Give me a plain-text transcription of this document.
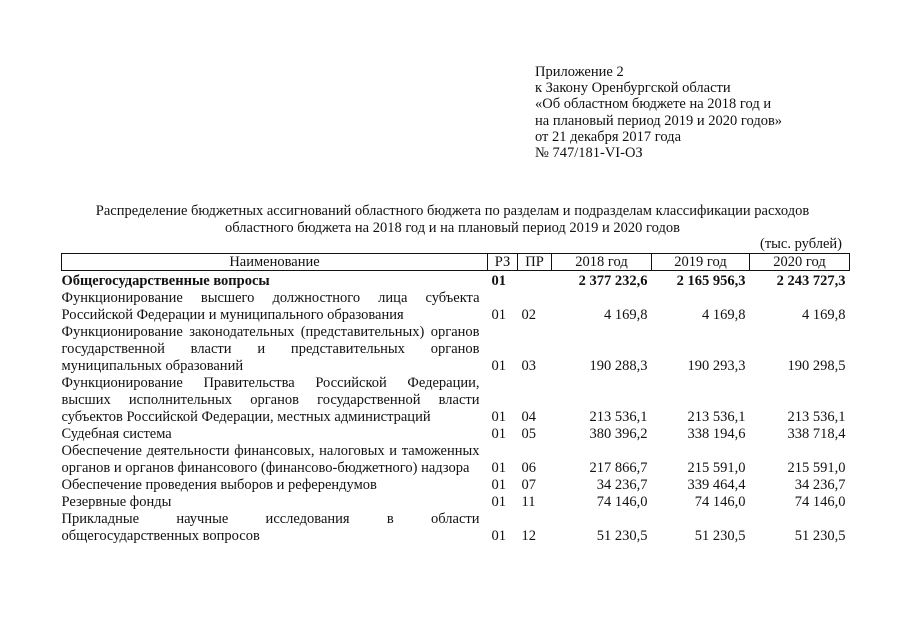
Приложение 2
к Закону Оренбургской области
«Об областном бюджете на 2018 год и
на плановый период 2019 и 2020 годов»
от 21 декабря 2017 года
№ 747/181-VI-ОЗ
Распределение бюджетных ассигнований областного бюджета по разделам и подразделам классификации расходов
областного бюджета на 2018 год и на плановый период 2019 и 2020 годов
(тыс. рублей)
Наименование	РЗ	ПР	2018 год	2019 год	2020 год
Общегосударственные вопросы	01		2 377 232,6	2 165 956,3	2 243 727,3
Функционирование высшего должностного лица субъекта Российской Федерации и муниципального образования	01	02	4 169,8	4 169,8	4 169,8
Функционирование законодательных (представительных) органов государственной власти и представительных органов муниципальных образований	01	03	190 288,3	190 293,3	190 298,5
Функционирование Правительства Российской Федерации, высших исполнительных органов государственной власти субъектов Российской Федерации, местных администраций	01	04	213 536,1	213 536,1	213 536,1
Судебная система	01	05	380 396,2	338 194,6	338 718,4
Обеспечение деятельности финансовых, налоговых и таможенных органов и органов финансового (финансово-бюджетного) надзора	01	06	217 866,7	215 591,0	215 591,0
Обеспечение проведения выборов и референдумов	01	07	34 236,7	339 464,4	34 236,7
Резервные фонды	01	11	74 146,0	74 146,0	74 146,0
Прикладные научные исследования в области общегосударственных вопросов	01	12	51 230,5	51 230,5	51 230,5
